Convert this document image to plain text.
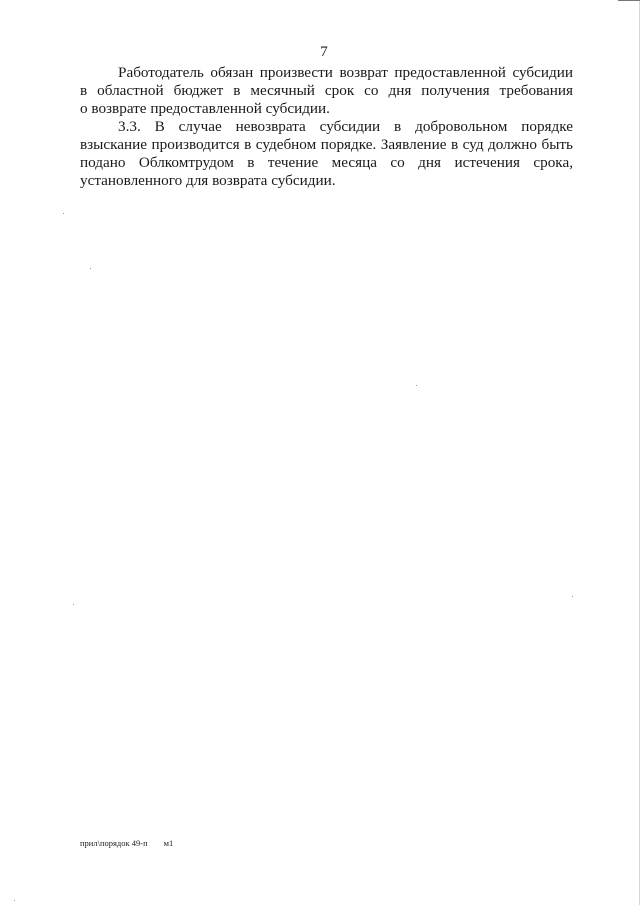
7
Работодатель обязан произвести возврат предоставленной субсидии
в областной бюджет в месячный срок со дня получения требования
о возврате предоставленной субсидии.
3.3. В случае невозврата субсидии в добровольном порядке
взыскание производится в судебном порядке. Заявление в суд должно быть
подано Облкомтрудом в течение месяца со дня истечения срока,
установленного для возврата субсидии.
прил\порядок 49-п м1
